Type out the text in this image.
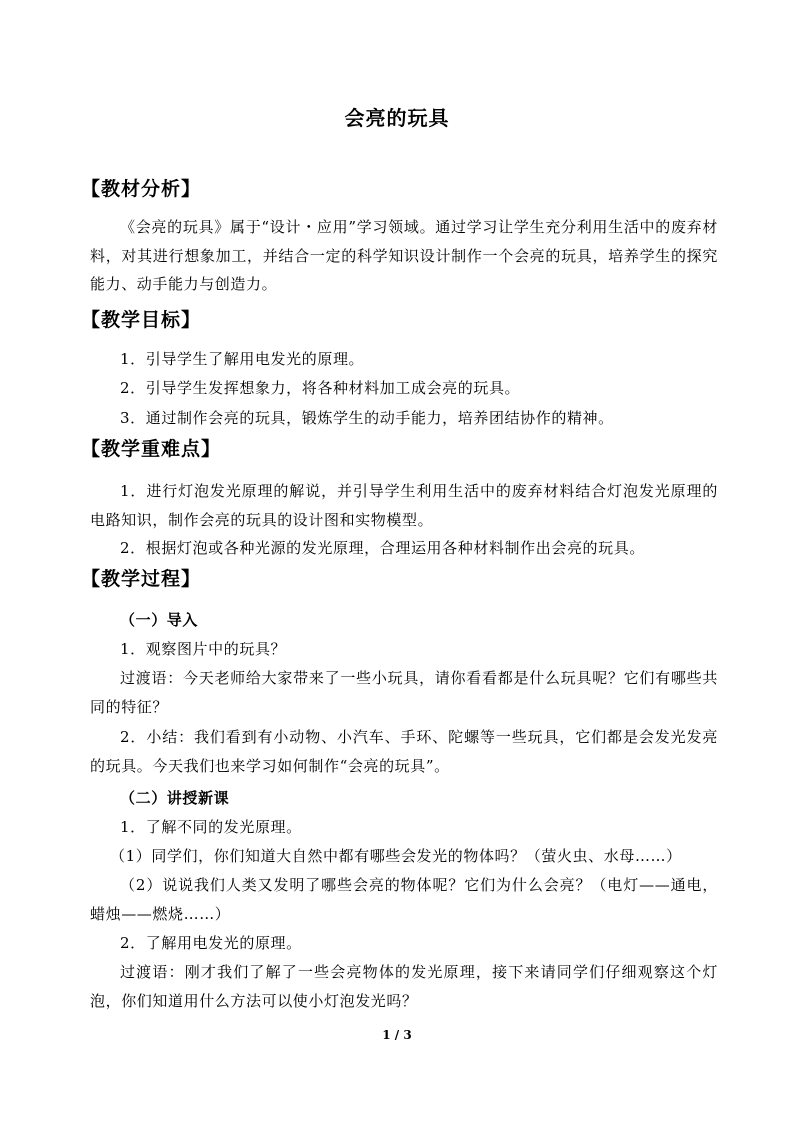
会亮的玩具
【教材分析】
《会亮的玩具》属于“设计・应用”学习领域。通过学习让学生充分利用生活中的废弃材料，对其进行想象加工，并结合一定的科学知识设计制作一个会亮的玩具，培养学生的探究能力、动手能力与创造力。
【教学目标】
1．引导学生了解用电发光的原理。
2．引导学生发挥想象力，将各种材料加工成会亮的玩具。
3．通过制作会亮的玩具，锻炼学生的动手能力，培养团结协作的精神。
【教学重难点】
1．进行灯泡发光原理的解说，并引导学生利用生活中的废弃材料结合灯泡发光原理的电路知识，制作会亮的玩具的设计图和实物模型。
2．根据灯泡或各种光源的发光原理，合理运用各种材料制作出会亮的玩具。
【教学过程】
（一）导入
1．观察图片中的玩具？
过渡语：今天老师给大家带来了一些小玩具，请你看看都是什么玩具呢？它们有哪些共同的特征？
2．小结：我们看到有小动物、小汽车、手环、陀螺等一些玩具，它们都是会发光发亮的玩具。今天我们也来学习如何制作“会亮的玩具”。
（二）讲授新课
1．了解不同的发光原理。
（1）同学们，你们知道大自然中都有哪些会发光的物体吗？（萤火虫、水母……）
（2）说说我们人类又发明了哪些会亮的物体呢？它们为什么会亮？（电灯——通电，蜡烛——燃烧……）
2．了解用电发光的原理。
过渡语：刚才我们了解了一些会亮物体的发光原理，接下来请同学们仔细观察这个灯泡，你们知道用什么方法可以使小灯泡发光吗？
1 / 3
